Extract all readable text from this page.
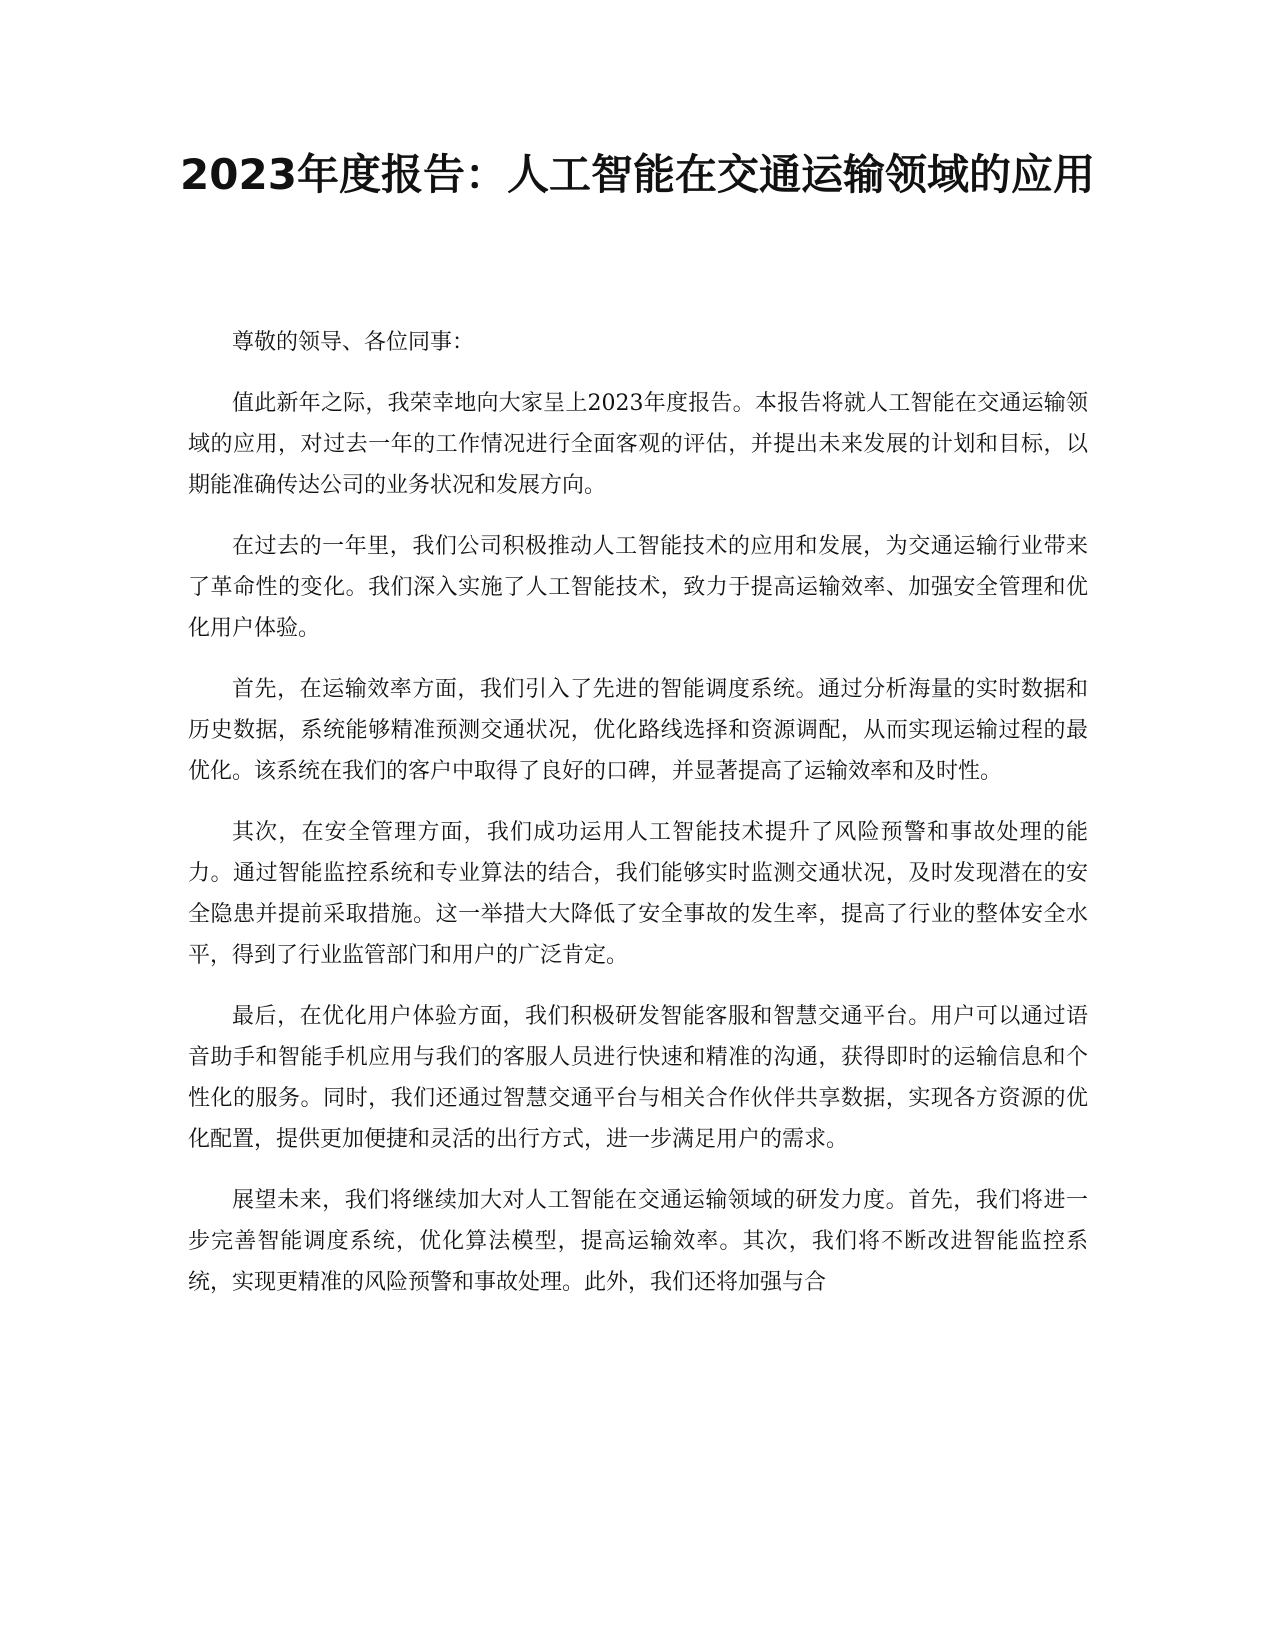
2023年度报告：人工智能在交通运输领域的应用

尊敬的领导、各位同事：

值此新年之际，我荣幸地向大家呈上2023年度报告。本报告将就人工智能在交通运输领域的应用，对过去一年的工作情况进行全面客观的评估，并提出未来发展的计划和目标，以期能准确传达公司的业务状况和发展方向。

在过去的一年里，我们公司积极推动人工智能技术的应用和发展，为交通运输行业带来了革命性的变化。我们深入实施了人工智能技术，致力于提高运输效率、加强安全管理和优化用户体验。

首先，在运输效率方面，我们引入了先进的智能调度系统。通过分析海量的实时数据和历史数据，系统能够精准预测交通状况，优化路线选择和资源调配，从而实现运输过程的最优化。该系统在我们的客户中取得了良好的口碑，并显著提高了运输效率和及时性。

其次，在安全管理方面，我们成功运用人工智能技术提升了风险预警和事故处理的能力。通过智能监控系统和专业算法的结合，我们能够实时监测交通状况，及时发现潜在的安全隐患并提前采取措施。这一举措大大降低了安全事故的发生率，提高了行业的整体安全水平，得到了行业监管部门和用户的广泛肯定。

最后，在优化用户体验方面，我们积极研发智能客服和智慧交通平台。用户可以通过语音助手和智能手机应用与我们的客服人员进行快速和精准的沟通，获得即时的运输信息和个性化的服务。同时，我们还通过智慧交通平台与相关合作伙伴共享数据，实现各方资源的优化配置，提供更加便捷和灵活的出行方式，进一步满足用户的需求。

展望未来，我们将继续加大对人工智能在交通运输领域的研发力度。首先，我们将进一步完善智能调度系统，优化算法模型，提高运输效率。其次，我们将不断改进智能监控系统，实现更精准的风险预警和事故处理。此外，我们还将加强与合
